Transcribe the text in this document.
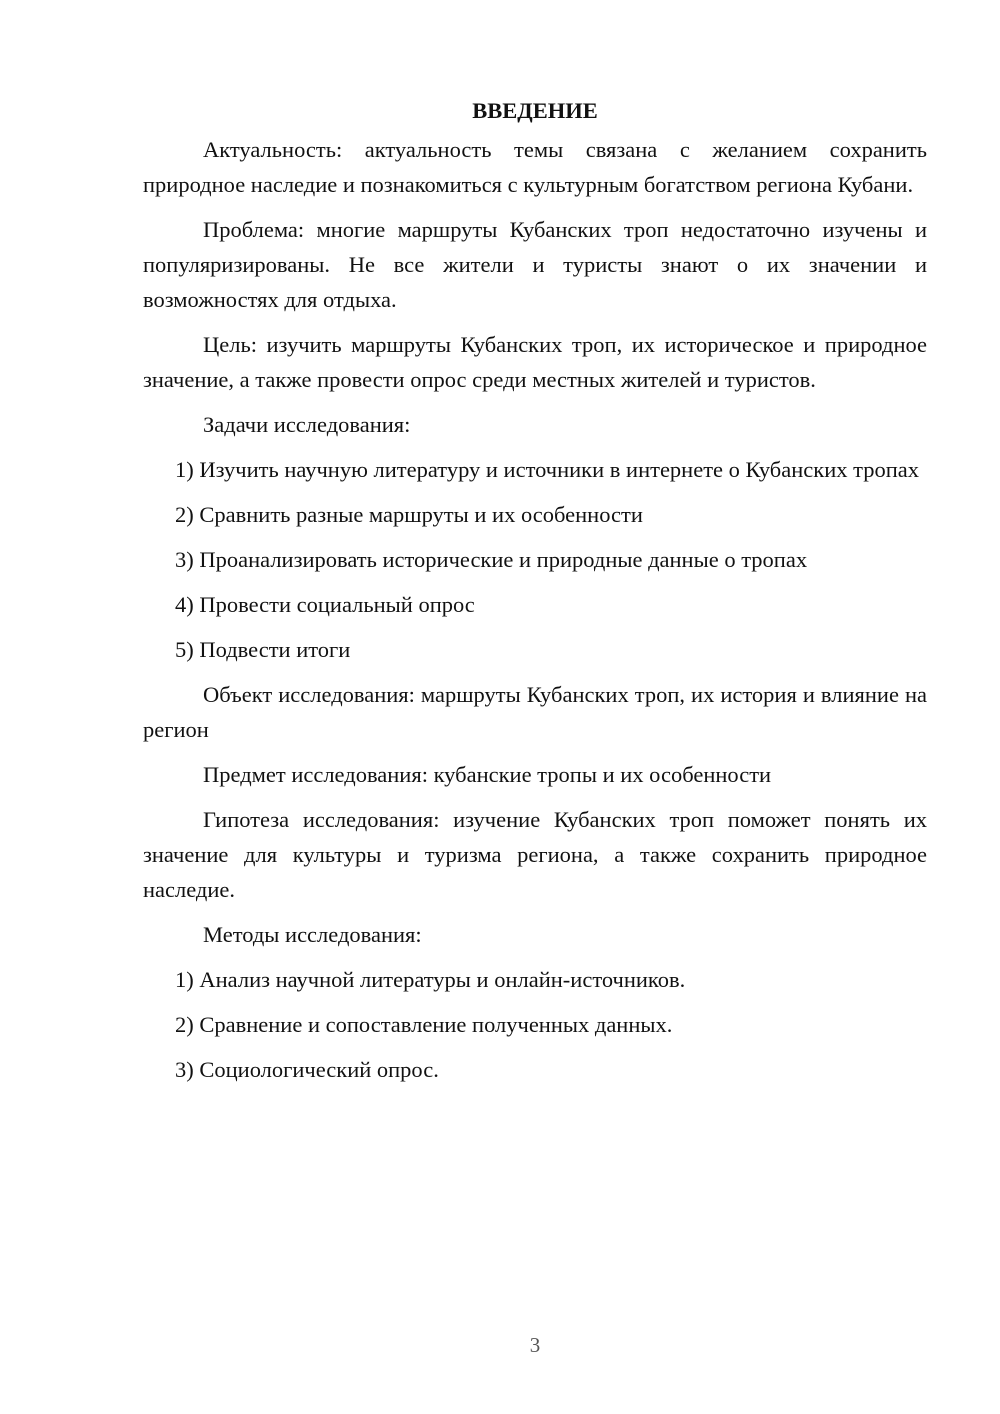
ВВЕДЕНИЕ

Актуальность: актуальность темы связана с желанием сохранить природное наследие и познакомиться с культурным богатством региона Кубани.

Проблема: многие маршруты Кубанских троп недостаточно изучены и популяризированы. Не все жители и туристы знают о их значении и возможностях для отдыха.

Цель: изучить маршруты Кубанских троп, их историческое и природное значение, а также провести опрос среди местных жителей и туристов.

Задачи исследования:

1) Изучить научную литературу и источники в интернете о Кубанских тропах

2) Сравнить разные маршруты и их особенности

3) Проанализировать исторические и природные данные о тропах

4) Провести социальный опрос

5) Подвести итоги

Объект исследования: маршруты Кубанских троп, их история и влияние на регион

Предмет исследования: кубанские тропы и их особенности

Гипотеза исследования: изучение Кубанских троп поможет понять их значение для культуры и туризма региона, а также сохранить природное наследие.

Методы исследования:

1) Анализ научной литературы и онлайн-источников.

2) Сравнение и сопоставление полученных данных.

3) Социологический опрос.

3
